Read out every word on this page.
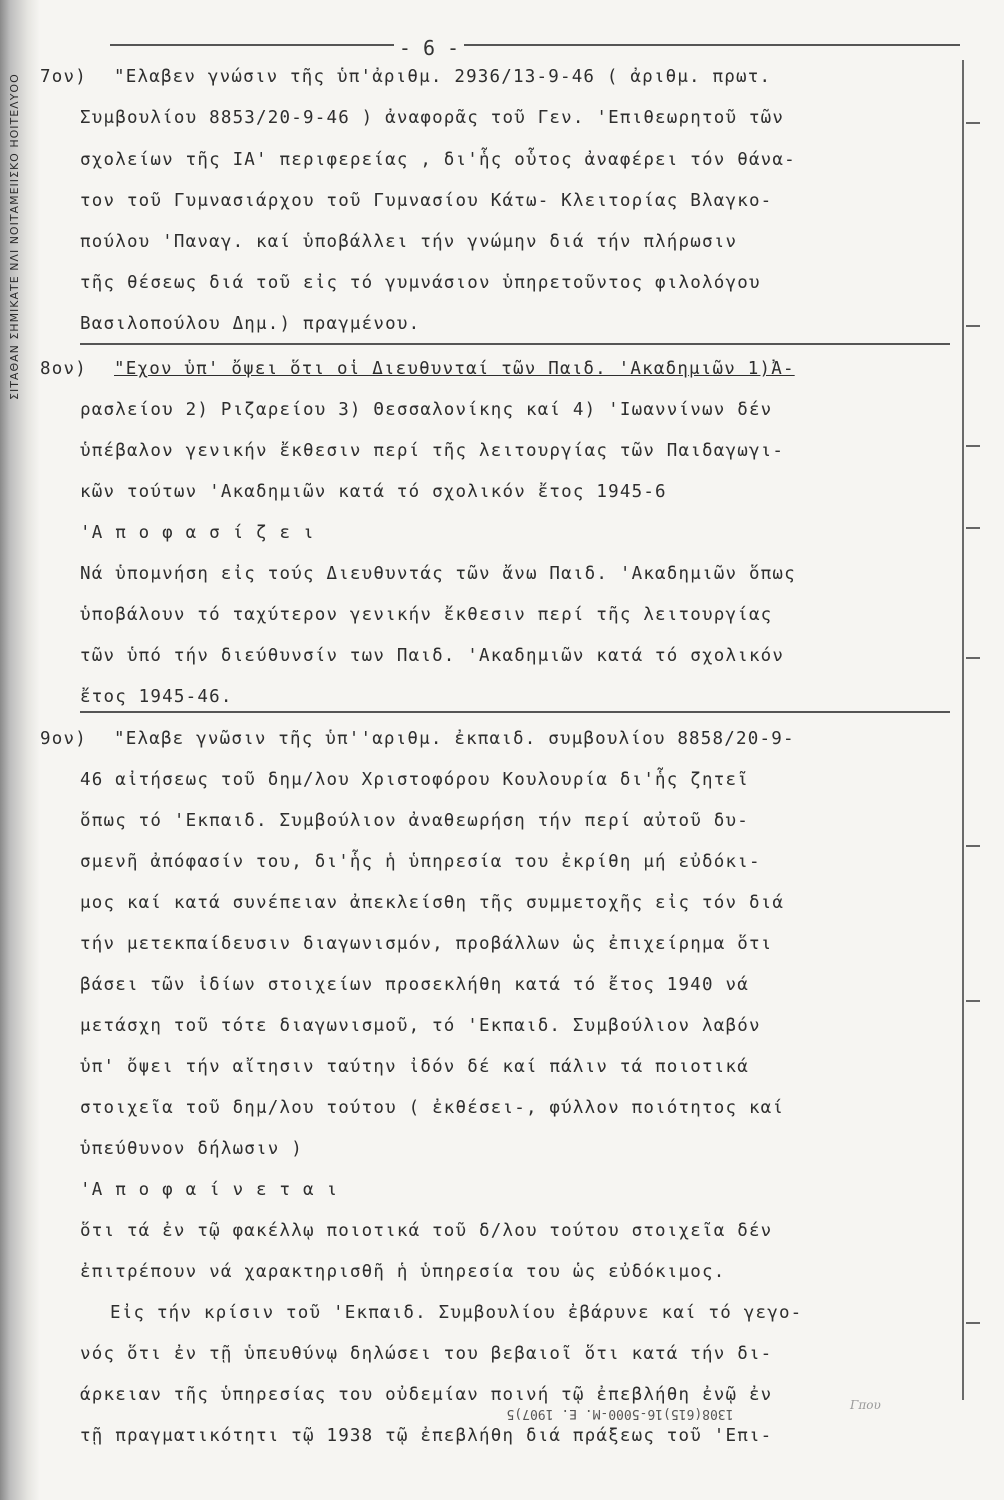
ΣΙΤΑΘΑΝ ΣΗΜΙΚΑΤΕ ΝΛΙ ΝΟΙΤΑΜΕΙΙΣΚΟ ΗΟΙΤΕΛΥΟΟ
- 6 -
7ον) "Ελαβεν γνώσιν τῆς ὑπ'ἀριθμ. 2936/13-9-46 ( ἀριθμ. πρωτ.
Συμβουλίου 8853/20-9-46 ) ἀναφορᾶς τοῦ Γεν. 'Επιθεωρητοῦ τῶν
σχολείων τῆς ΙΑ' περιφερείας , δι'ἧς οὗτος ἀναφέρει τόν θάνα-
τον τοῦ Γυμνασιάρχου τοῦ Γυμνασίου Κάτω- Κλειτορίας Βλαγκο-
πούλου 'Παναγ. καί ὑποβάλλει τήν γνώμην διά τήν πλήρωσιν
τῆς θέσεως διά τοῦ εἰς τό γυμνάσιον ὑπηρετοῦντος φιλολόγου
Βασιλοπούλου Δημ.) πραγμένου.
8ον) "Εχον ὑπ' ὄψει ὅτι οἱ Διευθυνταί τῶν Παιδ. 'Ακαδημιῶν 1)Ἀ-
ρασλείου 2) Ριζαρείου 3) Θεσσαλονίκης καί 4) 'Ιωαννίνων δέν
ὑπέβαλον γενικήν ἔκθεσιν περί τῆς λειτουργίας τῶν Παιδαγωγι-
κῶν τούτων 'Ακαδημιῶν κατά τό σχολικόν ἔτος 1945-6
'Α π ο φ α σ ί ζ ε ι
Νά ὑπομνήση εἰς τούς Διευθυντάς τῶν ἄνω Παιδ. 'Ακαδημιῶν ὅπως
ὑποβάλουν τό ταχύτερον γενικήν ἔκθεσιν περί τῆς λειτουργίας
τῶν ὑπό τήν διεύθυνσίν των Παιδ. 'Ακαδημιῶν κατά τό σχολικόν
ἔτος 1945-46.
9ον) "Ελαβε γνῶσιν τῆς ὑπ''αριθμ. ἐκπαιδ. συμβουλίου 8858/20-9-
46 αἰτήσεως τοῦ δημ/λου Χριστοφόρου Κουλουρία δι'ἧς ζητεῖ
ὅπως τό 'Εκπαιδ. Συμβούλιον ἀναθεωρήση τήν περί αὐτοῦ δυ-
σμενῆ ἀπόφασίν του, δι'ἧς ἡ ὑπηρεσία του ἐκρίθη μή εὐδόκι-
μος καί κατά συνέπειαν ἀπεκλείσθη τῆς συμμετοχῆς εἰς τόν διά
τήν μετεκπαίδευσιν διαγωνισμόν, προβάλλων ὡς ἐπιχείρημα ὅτι
βάσει τῶν ἰδίων στοιχείων προσεκλήθη κατά τό ἔτος 1940 νά
μετάσχη τοῦ τότε διαγωνισμοῦ, τό 'Εκπαιδ. Συμβούλιον λαβόν
ὑπ' ὄψει τήν αἴτησιν ταύτην ἰδόν δέ καί πάλιν τά ποιοτικά
στοιχεῖα τοῦ δημ/λου τούτου ( ἐκθέσει-, φύλλον ποιότητος καί
ὑπεύθυνον δήλωσιν )
'Α π ο φ α ί ν ε τ α ι
ὅτι τά ἐν τῷ φακέλλῳ ποιοτικά τοῦ δ/λου τούτου στοιχεῖα δέν
ἐπιτρέπουν νά χαρακτηρισθῆ ἡ ὑπηρεσία του ὡς εὐδόκιμος.
Εἰς τήν κρίσιν τοῦ 'Εκπαιδ. Συμβουλίου ἐβάρυνε καί τό γεγο-
νός ὅτι ἐν τῇ ὑπευθύνῳ δηλώσει του βεβαιοῖ ὅτι κατά τήν δι-
άρκειαν τῆς ὑπηρεσίας του οὐδεμίαν ποινή τῷ ἐπεβλήθη ἐνῷ ἐν
τῇ πραγματικότητι τῷ 1938 τῷ ἐπεβλήθη διά πράξεως τοῦ 'Επι-
1308(615)16-5000-Μ. Ε. 1907)5
Γπου
